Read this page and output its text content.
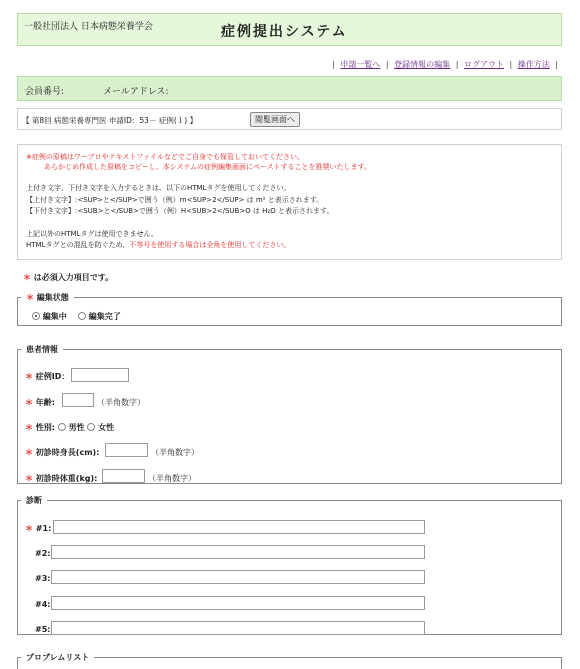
一般社団法人 日本病態栄養学会	症例提出システム
| 申請一覧へ | 登録情報の編集 | ログアウト | 操作方法 |
会員番号:	メールアドレス:
【 第8回 病態栄養専門医 申請ID：53－ 症例(１) 】	閲覧画面へ
※症例の原稿はワープロやテキストファイルなどでご自身でも保管しておいてください。
あらかじめ作成した原稿をコピーし、本システムの症例編集画面にペーストすることを推奨いたします。
上付き文字、下付き文字を入力するときは、以下のHTMLタグを使用してください。
【上付き文字】:<SUP>と</SUP>で囲う（例）m<SUP>2</SUP> は m² と表示されます。
【下付き文字】:<SUB>と</SUB>で囲う（例）H<SUB>2</SUB>O は H₂O と表示されます。
上記以外のHTMLタグは使用できません。
HTMLタグとの混乱を防ぐため、不等号を使用する場合は全角を使用してください。
＊ は必須入力項目です。
＊ 編集状態
編集中	編集完了
患者情報
＊ 症例ID：
＊ 年齢:	（半角数字）
＊ 性別: 男性 女性
＊ 初診時身長(cm):	（半角数字）
＊ 初診時体重(kg):	（半角数字）
診断
＊ #1:
#2:
#3:
#4:
#5:
プロブレムリスト
